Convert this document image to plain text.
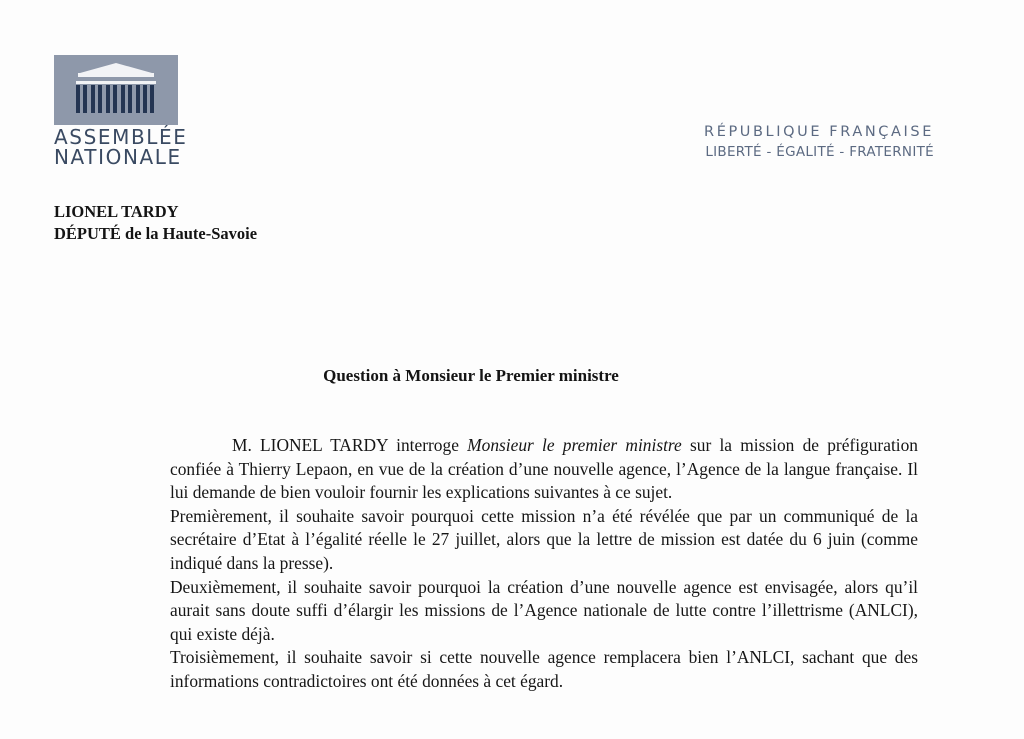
ASSEMBLÉE
NATIONALE
RÉPUBLIQUE FRANÇAISE
LIBERTÉ - ÉGALITÉ - FRATERNITÉ
LIONEL TARDY
DÉPUTÉ de la Haute-Savoie
Question à Monsieur le Premier ministre

M. LIONEL TARDY interroge Monsieur le premier ministre sur la mission de préfiguration confiée à Thierry Lepaon, en vue de la création d’une nouvelle agence, l’Agence de la langue française. Il lui demande de bien vouloir fournir les explications suivantes à ce sujet.

Premièrement, il souhaite savoir pourquoi cette mission n’a été révélée que par un communiqué de la secrétaire d’Etat à l’égalité réelle le 27 juillet, alors que la lettre de mission est datée du 6 juin (comme indiqué dans la presse).

Deuxièmement, il souhaite savoir pourquoi la création d’une nouvelle agence est envisagée, alors qu’il aurait sans doute suffi d’élargir les missions de l’Agence nationale de lutte contre l’illettrisme (ANLCI), qui existe déjà.

Troisièmement, il souhaite savoir si cette nouvelle agence remplacera bien l’ANLCI, sachant que des informations contradictoires ont été données à cet égard.
